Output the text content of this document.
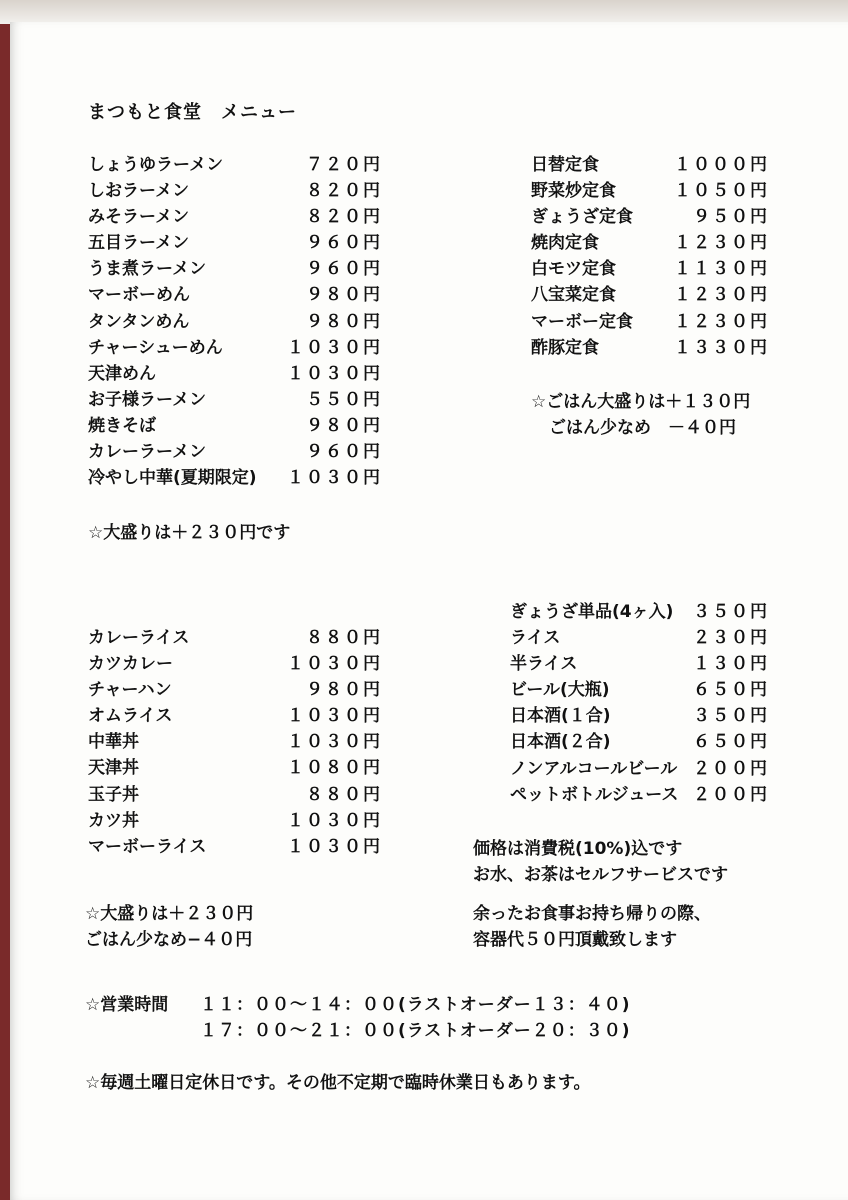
まつもと食堂　メニュー
しょうゆラーメン	７２０円
しおラーメン	８２０円
みそラーメン	８２０円
五目ラーメン	９６０円
うま煮ラーメン	９６０円
マーボーめん	９８０円
タンタンめん	９８０円
チャーシューめん	１０３０円
天津めん	１０３０円
お子様ラーメン	５５０円
焼きそば	９８０円
カレーラーメン	９６０円
冷やし中華(夏期限定) １０３０円
☆大盛りは＋２３０円です
日替定食	１０００円
野菜炒定食	１０５０円
ぎょうざ定食	９５０円
焼肉定食	１２３０円
白モツ定食	１１３０円
八宝菜定食	１２３０円
マーボー定食 １２３０円
酢豚定食	１３３０円
☆ごはん大盛りは＋１３０円
ごはん少なめ　－４０円
カレーライス	８８０円
カツカレー	１０３０円
チャーハン	９８０円
オムライス	１０３０円
中華丼	１０３０円
天津丼	１０８０円
玉子丼	８８０円
カツ丼	１０３０円
マーボーライス	１０３０円
☆大盛りは＋２３０円
ごはん少なめ−４０円
ぎょうざ単品(4ヶ入) ３５０円
ライス	２３０円
半ライス	１３０円
ビール(大瓶)	６５０円
日本酒(１合)	３５０円
日本酒(２合)	６５０円
ノンアルコールビール ２００円
ペットボトルジュース ２００円
価格は消費税(10%)込です
お水、お茶はセルフサービスです
余ったお食事お持ち帰りの際、
容器代５０円頂戴致します
☆営業時間 １１：００～１４：００(ラストオーダー１３：４０)
１７：００～２１：００(ラストオーダー２０：３０)
☆毎週土曜日定休日です。その他不定期で臨時休業日もあります。
